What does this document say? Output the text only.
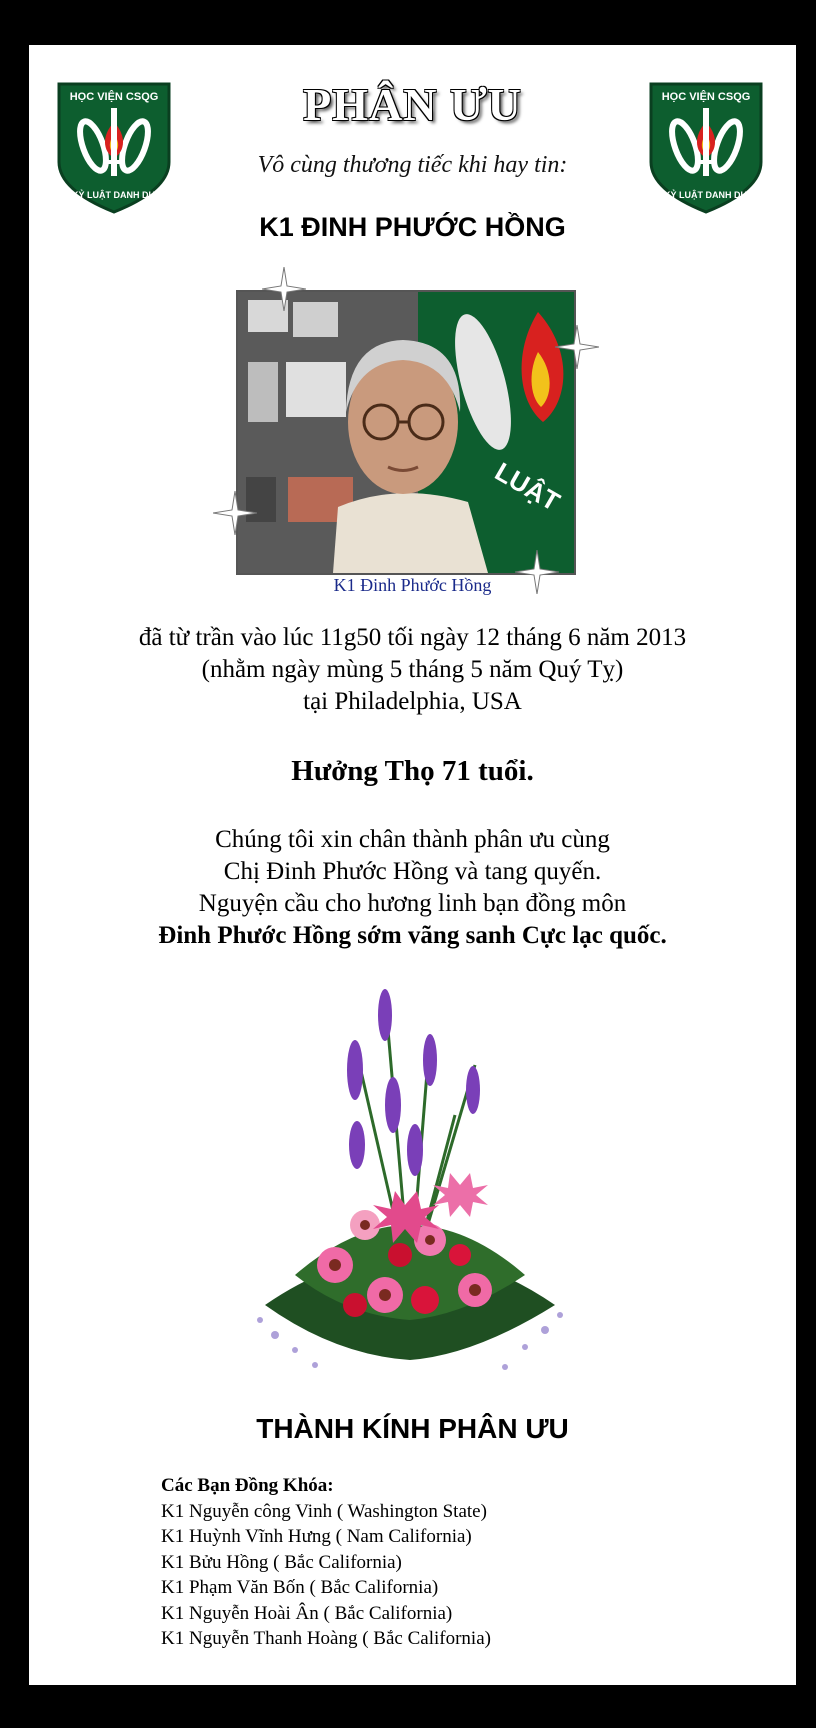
HỌC VIỆN CSQG
KỶ LUẬT DANH DỰ
HỌC VIỆN CSQG
KỶ LUẬT DANH DỰ
PHÂN ƯU
Vô cùng thương tiếc khi hay tin:
K1 ĐINH PHƯỚC HỒNG
LUẬT
K1 Đinh Phước Hồng
đã từ trần vào lúc 11g50 tối ngày 12 tháng 6 năm 2013
(nhằm ngày mùng 5 tháng 5 năm Quý Tỵ)
tại Philadelphia, USA
Hưởng Thọ 71 tuổi.
Chúng tôi xin chân thành phân ưu cùng
Chị Đinh Phước Hồng và tang quyến.
Nguyện cầu cho hương linh bạn đồng môn
Đinh Phước Hồng sớm vãng sanh Cực lạc quốc.
THÀNH KÍNH PHÂN ƯU
Các Bạn Đồng Khóa:
K1 Nguyễn công Vinh ( Washington State)
K1 Huỳnh Vĩnh Hưng ( Nam California)
K1 Bửu Hồng ( Bắc California)
K1 Phạm Văn Bốn ( Bắc California)
K1 Nguyễn Hoài Ân ( Bắc California)
K1 Nguyễn Thanh Hoàng ( Bắc California)
